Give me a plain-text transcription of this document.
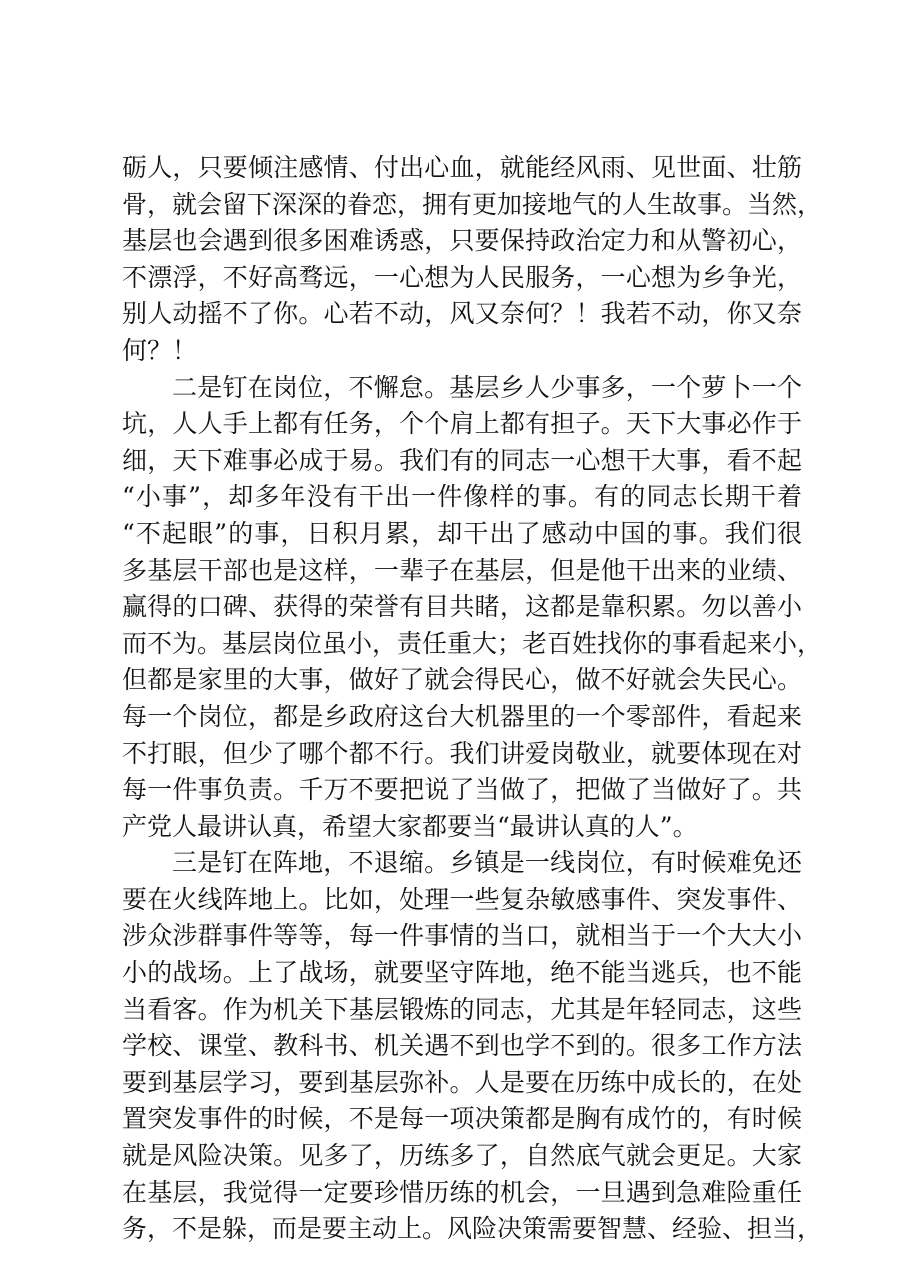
砺人，只要倾注感情、付出心血，就能经风雨、见世面、壮筋
骨，就会留下深深的眷恋，拥有更加接地气的人生故事。当然，
基层也会遇到很多困难诱惑，只要保持政治定力和从警初心，
不漂浮，不好高骛远，一心想为人民服务，一心想为乡争光，
别人动摇不了你。心若不动，风又奈何？！我若不动，你又奈
何？！
二是钉在岗位，不懈怠。基层乡人少事多，一个萝卜一个
坑，人人手上都有任务，个个肩上都有担子。天下大事必作于
细，天下难事必成于易。我们有的同志一心想干大事，看不起
“小事”，却多年没有干出一件像样的事。有的同志长期干着
“不起眼”的事，日积月累，却干出了感动中国的事。我们很
多基层干部也是这样，一辈子在基层，但是他干出来的业绩、
赢得的口碑、获得的荣誉有目共睹，这都是靠积累。勿以善小
而不为。基层岗位虽小，责任重大；老百姓找你的事看起来小，
但都是家里的大事，做好了就会得民心，做不好就会失民心。
每一个岗位，都是乡政府这台大机器里的一个零部件，看起来
不打眼，但少了哪个都不行。我们讲爱岗敬业，就要体现在对
每一件事负责。千万不要把说了当做了，把做了当做好了。共
产党人最讲认真，希望大家都要当“最讲认真的人”。
三是钉在阵地，不退缩。乡镇是一线岗位，有时候难免还
要在火线阵地上。比如，处理一些复杂敏感事件、突发事件、
涉众涉群事件等等，每一件事情的当口，就相当于一个大大小
小的战场。上了战场，就要坚守阵地，绝不能当逃兵，也不能
当看客。作为机关下基层锻炼的同志，尤其是年轻同志，这些
学校、课堂、教科书、机关遇不到也学不到的。很多工作方法
要到基层学习，要到基层弥补。人是要在历练中成长的，在处
置突发事件的时候，不是每一项决策都是胸有成竹的，有时候
就是风险决策。见多了，历练多了，自然底气就会更足。大家
在基层，我觉得一定要珍惜历练的机会，一旦遇到急难险重任
务，不是躲，而是要主动上。风险决策需要智慧、经验、担当，
